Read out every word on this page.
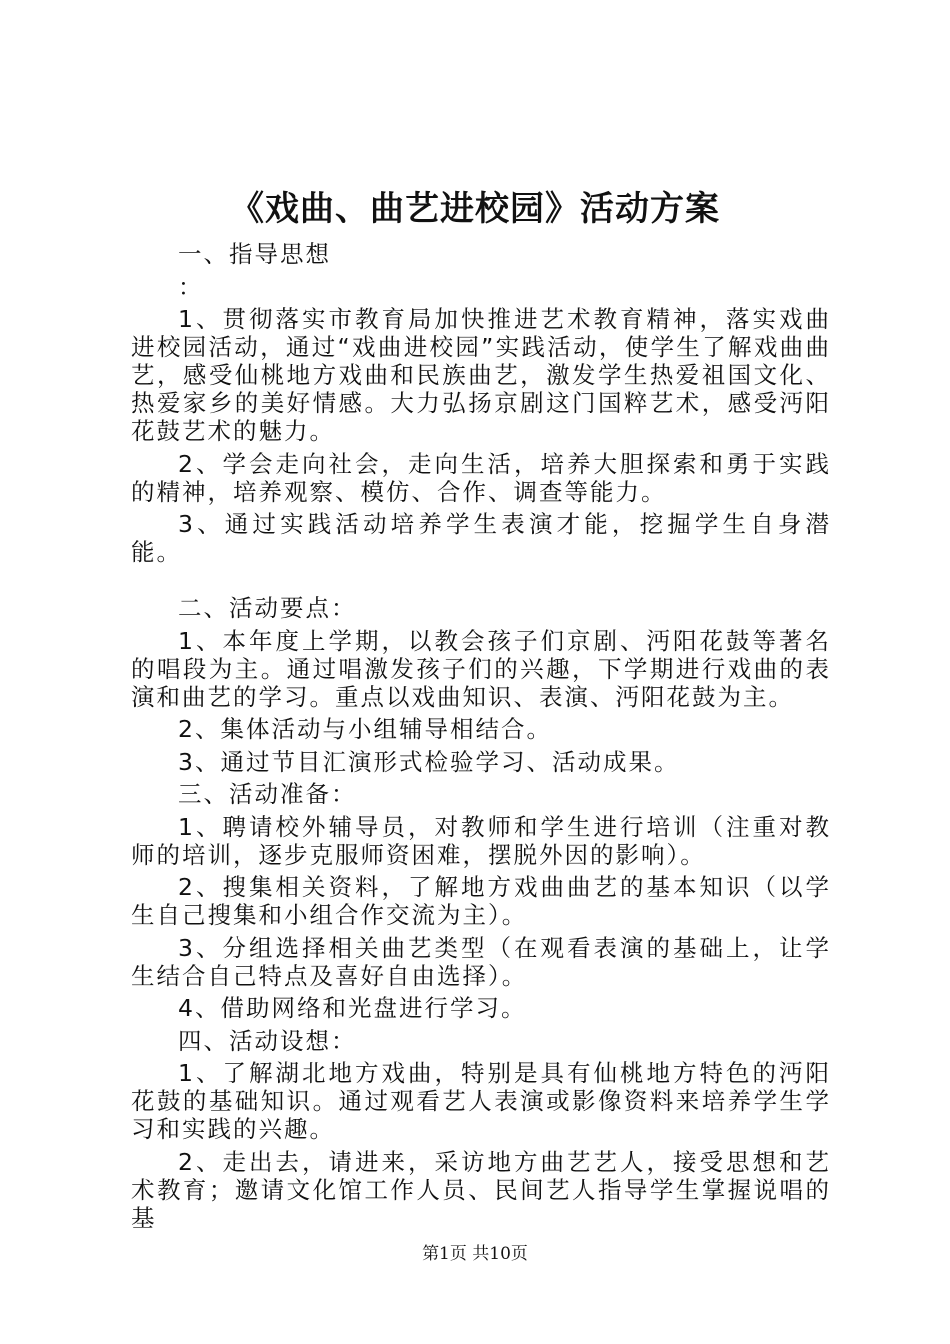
《戏曲、曲艺进校园》活动方案

一、指导思想

：

1、贯彻落实市教育局加快推进艺术教育精神，落实戏曲进校园活动，通过“戏曲进校园”实践活动，使学生了解戏曲曲艺，感受仙桃地方戏曲和民族曲艺，激发学生热爱祖国文化、热爱家乡的美好情感。大力弘扬京剧这门国粹艺术，感受沔阳花鼓艺术的魅力。

2、学会走向社会，走向生活，培养大胆探索和勇于实践的精神，培养观察、模仿、合作、调查等能力。

3、通过实践活动培养学生表演才能，挖掘学生自身潜能。

二、活动要点：

1、本年度上学期，以教会孩子们京剧、沔阳花鼓等著名的唱段为主。通过唱激发孩子们的兴趣，下学期进行戏曲的表演和曲艺的学习。重点以戏曲知识、表演、沔阳花鼓为主。

2、集体活动与小组辅导相结合。

3、通过节目汇演形式检验学习、活动成果。

三、活动准备：

1、聘请校外辅导员，对教师和学生进行培训（注重对教师的培训，逐步克服师资困难，摆脱外因的影响）。

2、搜集相关资料，了解地方戏曲曲艺的基本知识（以学生自己搜集和小组合作交流为主）。

3、分组选择相关曲艺类型（在观看表演的基础上，让学生结合自己特点及喜好自由选择）。

4、借助网络和光盘进行学习。

四、活动设想：

1、了解湖北地方戏曲，特别是具有仙桃地方特色的沔阳花鼓的基础知识。通过观看艺人表演或影像资料来培养学生学习和实践的兴趣。

2、走出去，请进来，采访地方曲艺艺人，接受思想和艺术教育；邀请文化馆工作人员、民间艺人指导学生掌握说唱的基

第1页 共10页
